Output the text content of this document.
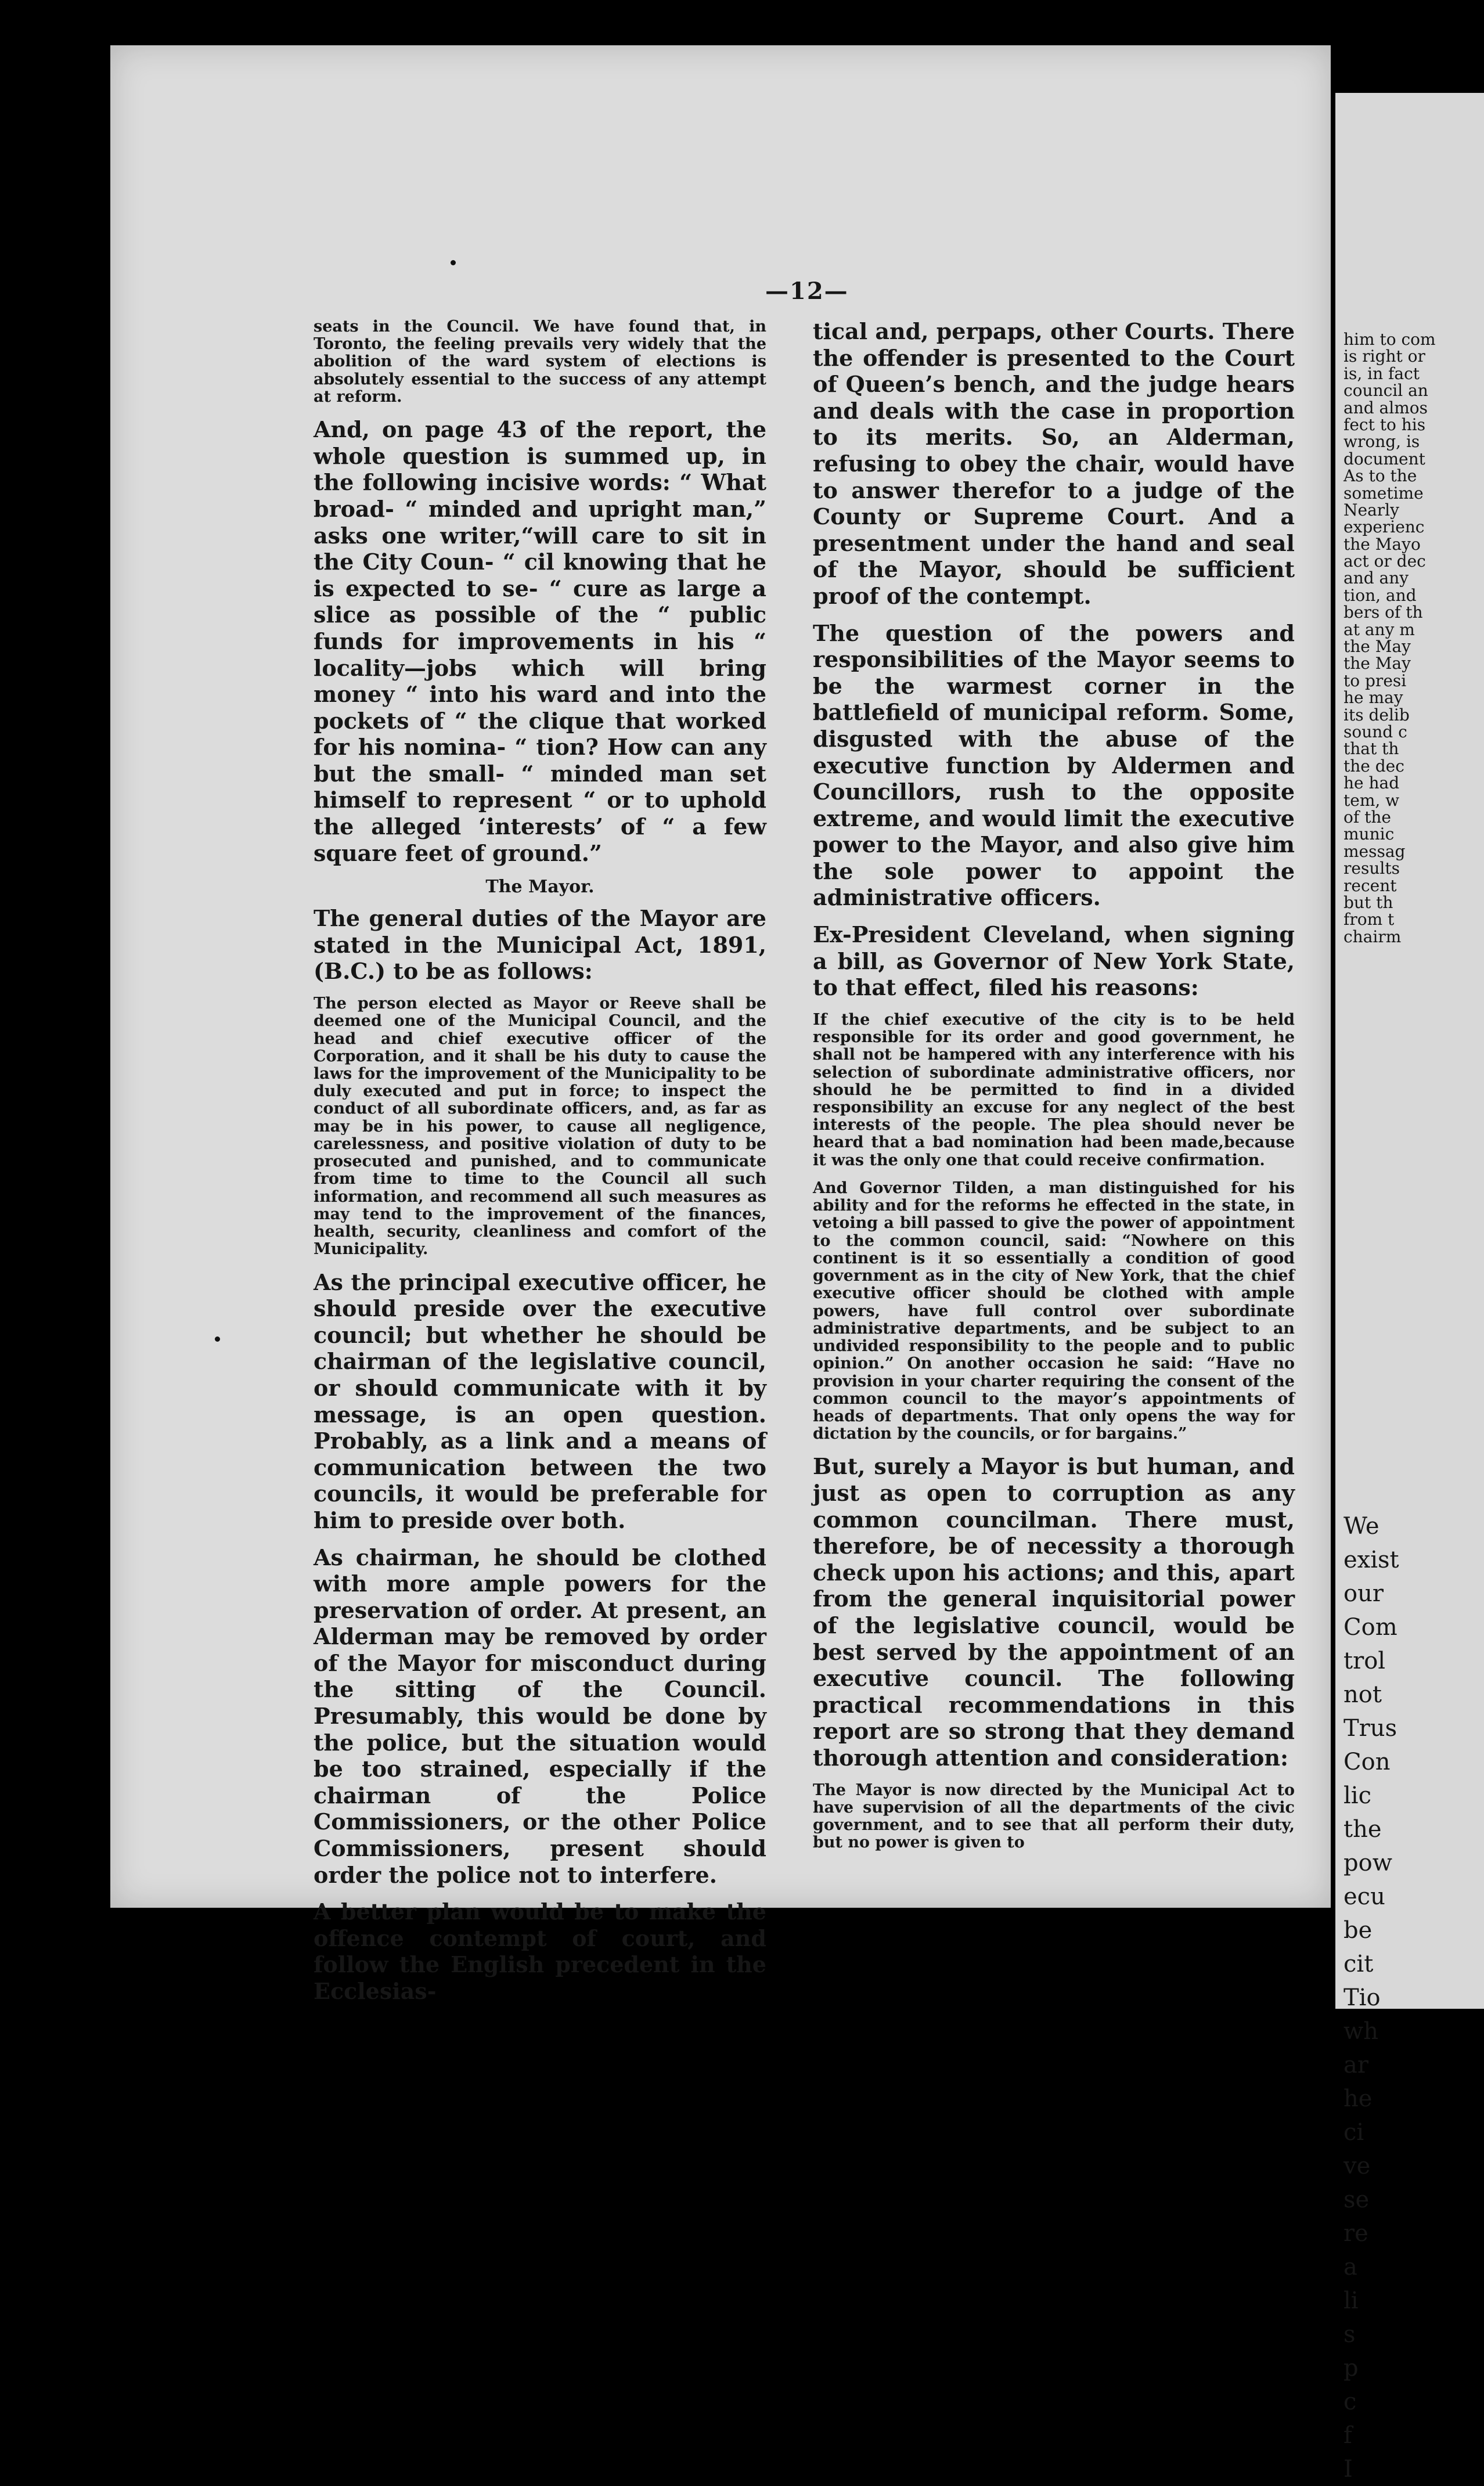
him to com
is right or
is, in fact
council an
and almos
fect to his
wrong, is
document
As to the
sometime
Nearly
experienc
the Mayo
act or dec
and any
tion, and
bers of th
at any m
the May
the May
to presi
he may
its delib
sound c
that th
the dec
he had
tem, w
of the
munic
messag
results
recent
but th
from t
chairm
We
exist
our
Com
trol
not
Trus
Con
lic
the
pow
ecu
be
cit
Tio
wh
ar
he
ci
ve
se
re
a
li
s
p
c
f
I
—12—

seats in the Council. We have found that, in Toronto, the feeling prevails very widely that the abolition of the ward system of elections is absolutely essential to the success of any attempt at reform.

And, on page 43 of the report, the whole question is summed up, in the following incisive words: “ What broad- “ minded and upright man,” asks one writer,“will care to sit in the City Coun- “ cil knowing that he is expected to se- “ cure as large a slice as possible of the “ public funds for improvements in his “ locality—jobs which will bring money “ into his ward and into the pockets of “ the clique that worked for his nomina- “ tion? How can any but the small- “ minded man set himself to represent “ or to uphold the alleged ‘interests’ of “ a few square feet of ground.”

The Mayor.

The general duties of the Mayor are stated in the Municipal Act, 1891,(B.C.) to be as follows:

The person elected as Mayor or Reeve shall be deemed one of the Municipal Council, and the head and chief executive officer of the Corporation, and it shall be his duty to cause the laws for the improvement of the Municipality to be duly executed and put in force; to inspect the conduct of all subordinate officers, and, as far as may be in his power, to cause all negligence, carelessness, and positive violation of duty to be prosecuted and punished, and to communicate from time to time to the Council all such information, and recommend all such measures as may tend to the improvement of the finances, health, security, cleanliness and comfort of the Municipality.

As the principal executive officer, he should preside over the executive council; but whether he should be chairman of the legislative council, or should communicate with it by message, is an open question. Probably, as a link and a means of communication between the two councils, it would be preferable for him to preside over both.

As chairman, he should be clothed with more ample powers for the preservation of order. At present, an Alderman may be removed by order of the Mayor for misconduct during the sitting of the Council. Presumably, this would be done by the police, but the situation would be too strained, especially if the chairman of the Police Commissioners, or the other Police Commissioners, present should order the police not to interfere.

A better plan would be to make the offence contempt of court, and follow the English precedent in the Ecclesias-

tical and, perpaps, other Courts. There the offender is presented to the Court of Queen’s bench, and the judge hears and deals with the case in proportion to its merits. So, an Alderman, refusing to obey the chair, would have to answer therefor to a judge of the County or Supreme Court. And a presentment under the hand and seal of the Mayor, should be sufficient proof of the contempt.

The question of the powers and responsibilities of the Mayor seems to be the warmest corner in the battlefield of municipal reform. Some, disgusted with the abuse of the executive function by Aldermen and Councillors, rush to the opposite extreme, and would limit the executive power to the Mayor, and also give him the sole power to appoint the administrative officers.

Ex-President Cleveland, when signing a bill, as Governor of New York State, to that effect, filed his reasons:

If the chief executive of the city is to be held responsible for its order and good government, he shall not be hampered with any interference with his selection of subordinate administrative officers, nor should he be permitted to find in a divided responsibility an excuse for any neglect of the best interests of the people. The plea should never be heard that a bad nomination had been made,because it was the only one that could receive confirmation.

And Governor Tilden, a man distinguished for his ability and for the reforms he effected in the state, in vetoing a bill passed to give the power of appointment to the common council, said: “Nowhere on this continent is it so essentially a condition of good government as in the city of New York, that the chief executive officer should be clothed with ample powers, have full control over subordinate administrative departments, and be subject to an undivided responsibility to the people and to public opinion.” On another occasion he said: “Have no provision in your charter requiring the consent of the common council to the mayor’s appointments of heads of departments. That only opens the way for dictation by the councils, or for bargains.”

But, surely a Mayor is but human, and just as open to corruption as any common councilman. There must, therefore, be of necessity a thorough check upon his actions; and this, apart from the general inquisitorial power of the legislative council, would be best served by the appointment of an executive council. The following practical recommendations in this report are so strong that they demand thorough attention and consideration:

The Mayor is now directed by the Municipal Act to have supervision of all the departments of the civic government, and to see that all perform their duty, but no power is given to
